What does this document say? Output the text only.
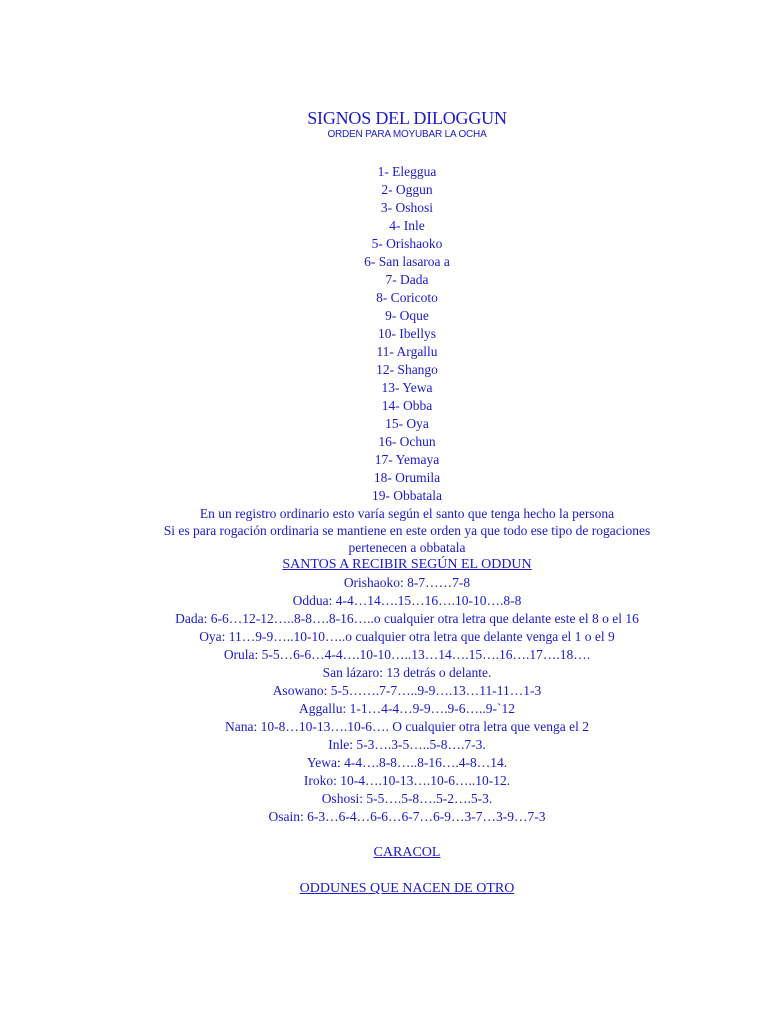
SIGNOS DEL DILOGGUN
ORDEN PARA MOYUBAR LA OCHA
1- Eleggua
2- Oggun
3- Oshosi
4- Inle
5- Orishaoko
6- San lasaroa a
7- Dada
8- Coricoto
9- Oque
10- Ibellys
11- Argallu
12- Shango
13- Yewa
14- Obba
15- Oya
16- Ochun
17- Yemaya
18- Orumila
19- Obbatala
En un registro ordinario esto varía según el santo que tenga hecho la persona
Si es para rogación ordinaria se mantiene en este orden ya que todo ese tipo de rogaciones pertenecen a obbatala
SANTOS A RECIBIR SEGÚN EL ODDUN
Orishaoko: 8-7……7-8
Oddua: 4-4…14….15…16….10-10….8-8
Dada: 6-6…12-12…..8-8….8-16…..o cualquier otra letra que delante este el 8 o el 16
Oya: 11…9-9…..10-10…..o cualquier otra letra que delante venga el 1 o el 9
Orula: 5-5…6-6…4-4….10-10…..13…14….15….16….17….18….
San lázaro: 13 detrás o delante.
Asowano: 5-5…….7-7…..9-9….13…11-11…1-3
Aggallu: 1-1…4-4…9-9….9-6…..9-`12
Nana: 10-8…10-13….10-6…. O cualquier otra letra que venga el 2
Inle: 5-3….3-5…..5-8….7-3.
Yewa: 4-4….8-8…..8-16….4-8…14.
Iroko: 10-4….10-13….10-6…..10-12.
Oshosi: 5-5….5-8….5-2….5-3.
Osain: 6-3…6-4…6-6…6-7…6-9…3-7…3-9…7-3
CARACOL
ODDUNES QUE NACEN DE OTRO
